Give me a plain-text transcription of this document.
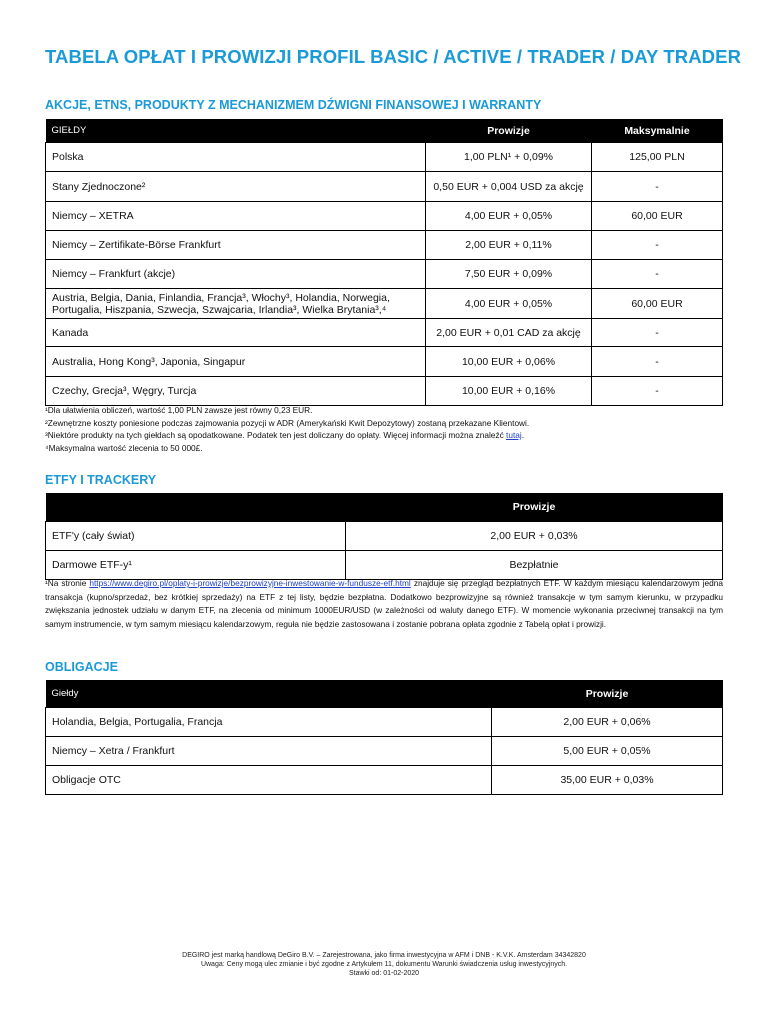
TABELA OPŁAT I PROWIZJI PROFIL BASIC / ACTIVE / TRADER / DAY TRADER
AKCJE, ETNS, PRODUKTY Z MECHANIZMEM DŹWIGNI FINANSOWEJ I WARRANTY
GIEŁDY	Prowizje	Maksymalnie
Polska	1,00 PLN¹ + 0,09%	125,00 PLN
Stany Zjednoczone²	0,50 EUR + 0,004 USD za akcję	-
Niemcy – XETRA	4,00 EUR + 0,05%	60,00 EUR
Niemcy – Zertifikate-Börse Frankfurt	2,00 EUR + 0,11%	-
Niemcy – Frankfurt (akcje)	7,50 EUR + 0,09%	-
Austria, Belgia, Dania, Finlandia, Francja³, Włochy³, Holandia, Norwegia, Portugalia, Hiszpania, Szwecja, Szwajcaria, Irlandia³, Wielka Brytania³,⁴	4,00 EUR + 0,05%	60,00 EUR
Kanada	2,00 EUR + 0,01 CAD za akcję	-
Australia, Hong Kong³, Japonia, Singapur	10,00 EUR + 0,06%	-
Czechy, Grecja³, Węgry, Turcja	10,00 EUR + 0,16%	-
¹Dla ułatwienia obliczeń, wartość 1,00 PLN zawsze jest równy 0,23 EUR.
²Zewnętrzne koszty poniesione podczas zajmowania pozycji w ADR (Amerykański Kwit Depozytowy) zostaną przekazane Klientowi.
³Niektóre produkty na tych giełdach są opodatkowane. Podatek ten jest doliczany do opłaty. Więcej informacji można znaleźć tutaj.
⁴Maksymalna wartość zlecenia to 50 000£.
ETFY I TRACKERY
	Prowizje
ETF'y (cały świat)	2,00 EUR + 0,03%
Darmowe ETF-y¹	Bezpłatnie
¹Na stronie https://www.degiro.pl/oplaty-i-prowizje/bezprowizyjne-inwestowanie-w-fundusze-etf.html znajduje się przegląd bezpłatnych ETF. W każdym miesiącu kalendarzowym jedna transakcja (kupno/sprzedaż, bez krótkiej sprzedaży) na ETF z tej listy, będzie bezpłatna. Dodatkowo bezprowizyjne są również transakcje w tym samym kierunku, w przypadku zwiększania jednostek udziału w danym ETF, na zlecenia od minimum 1000EUR/USD (w zależności od waluty danego ETF). W momencie wykonania przeciwnej transakcji na tym samym instrumencie, w tym samym miesiącu kalendarzowym, reguła nie będzie zastosowana i zostanie pobrana opłata zgodnie z Tabelą opłat i prowizji.
OBLIGACJE
Giełdy	Prowizje
Holandia, Belgia, Portugalia, Francja	2,00 EUR + 0,06%
Niemcy – Xetra / Frankfurt	5,00 EUR + 0,05%
Obligacje OTC	35,00 EUR + 0,03%
DEGIRO jest marką handlową DeGiro B.V. – Zarejestrowana, jako firma inwestycyjna w AFM i DNB - K.V.K. Amsterdam 34342820
Uwaga: Ceny mogą ulec zmianie i być zgodne z Artykułem 11, dokumentu Warunki świadczenia usług inwestycyjnych.
Stawki od: 01-02-2020
